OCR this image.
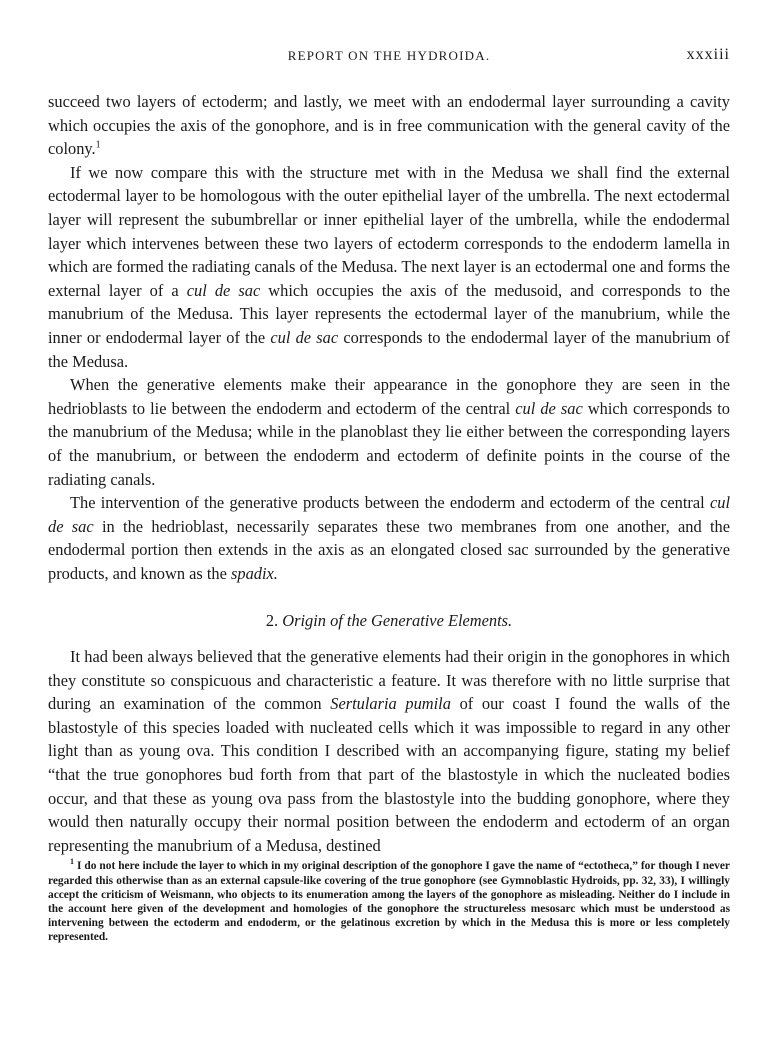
REPORT ON THE HYDROIDA.	xxxiii

succeed two layers of ectoderm; and lastly, we meet with an endodermal layer surrounding a cavity which occupies the axis of the gonophore, and is in free communication with the general cavity of the colony.$^1$

If we now compare this with the structure met with in the Medusa we shall find the external ectodermal layer to be homologous with the outer epithelial layer of the umbrella. The next ectodermal layer will represent the subumbrellar or inner epithelial layer of the umbrella, while the endodermal layer which intervenes between these two layers of ectoderm corresponds to the endoderm lamella in which are formed the radiating canals of the Medusa. The next layer is an ectodermal one and forms the external layer of a cul de sac which occupies the axis of the medusoid, and corresponds to the manubrium of the Medusa. This layer represents the ectodermal layer of the manubrium, while the inner or endodermal layer of the cul de sac corresponds to the endodermal layer of the manubrium of the Medusa.

When the generative elements make their appearance in the gonophore they are seen in the hedrioblasts to lie between the endoderm and ectoderm of the central cul de sac which corresponds to the manubrium of the Medusa; while in the planoblast they lie either between the corresponding layers of the manubrium, or between the endoderm and ectoderm of definite points in the course of the radiating canals.

The intervention of the generative products between the endoderm and ectoderm of the central cul de sac in the hedrioblast, necessarily separates these two membranes from one another, and the endodermal portion then extends in the axis as an elongated closed sac surrounded by the generative products, and known as the spadix.

2. Origin of the Generative Elements.

It had been always believed that the generative elements had their origin in the gonophores in which they constitute so conspicuous and characteristic a feature. It was therefore with no little surprise that during an examination of the common Sertularia pumila of our coast I found the walls of the blastostyle of this species loaded with nucleated cells which it was impossible to regard in any other light than as young ova. This condition I described with an accompanying figure, stating my belief “that the true gonophores bud forth from that part of the blastostyle in which the nucleated bodies occur, and that these as young ova pass from the blastostyle into the budding gonophore, where they would then naturally occupy their normal position between the endoderm and ectoderm of an organ representing the manubrium of a Medusa, destined

$^1$ I do not here include the layer to which in my original description of the gonophore I gave the name of “ectotheca,” for though I never regarded this otherwise than as an external capsule-like covering of the true gonophore (see Gymnoblastic Hydroids, pp. 32, 33), I willingly accept the criticism of Weismann, who objects to its enumeration among the layers of the gonophore as misleading. Neither do I include in the account here given of the development and homologies of the gonophore the structureless mesosarc which must be understood as intervening between the ectoderm and endoderm, or the gelatinous excretion by which in the Medusa this is more or less completely represented.
